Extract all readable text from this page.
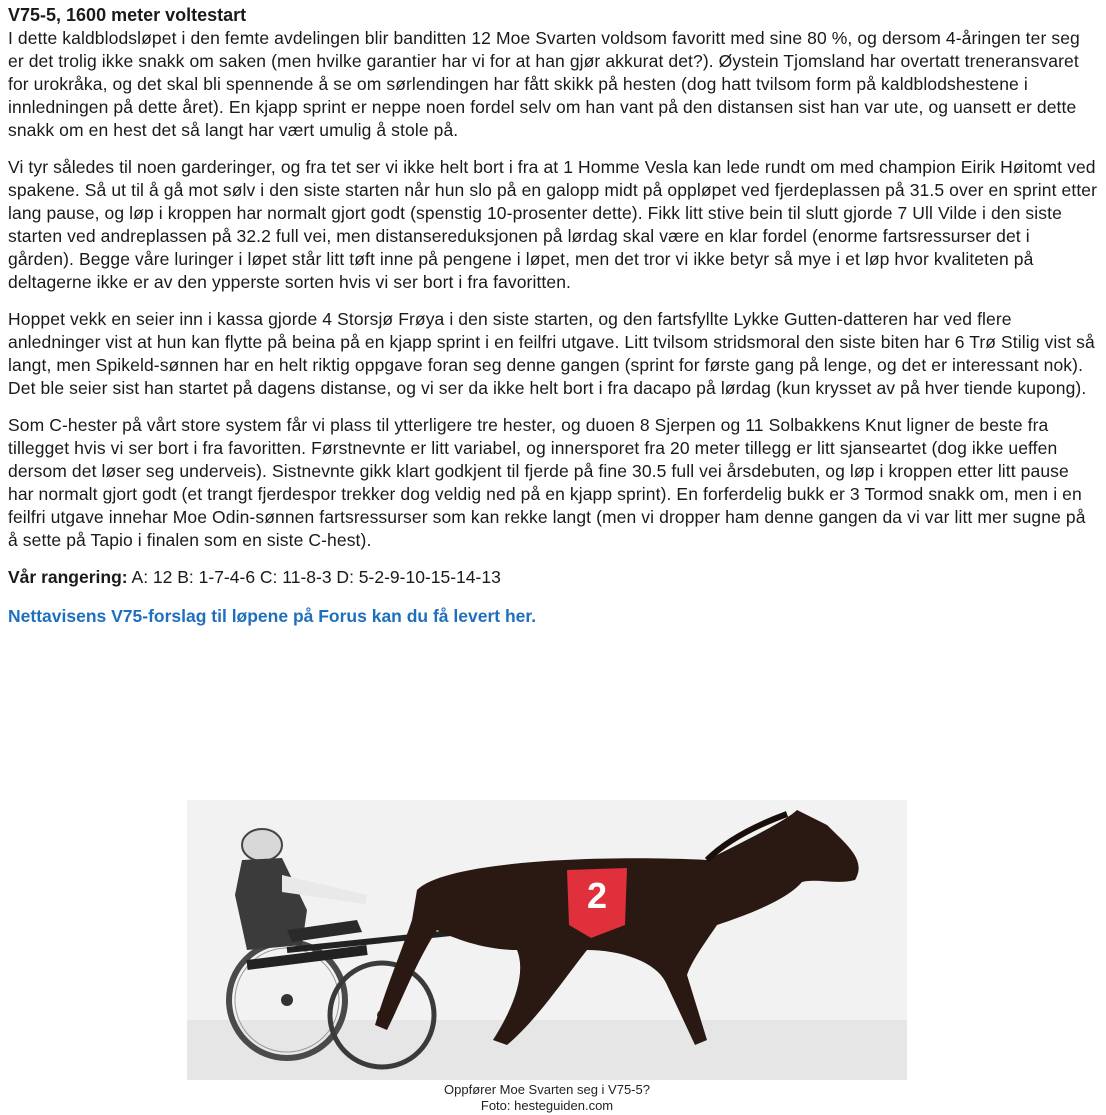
V75-5, 1600 meter voltestart

I dette kaldblodsløpet i den femte avdelingen blir banditten 12 Moe Svarten voldsom favoritt med sine 80 %, og dersom 4-åringen ter seg er det trolig ikke snakk om saken (men hvilke garantier har vi for at han gjør akkurat det?). Øystein Tjomsland har overtatt treneransvaret for urokråka, og det skal bli spennende å se om sørlendingen har fått skikk på hesten (dog hatt tvilsom form på kaldblodshestene i innledningen på dette året). En kjapp sprint er neppe noen fordel selv om han vant på den distansen sist han var ute, og uansett er dette snakk om en hest det så langt har vært umulig å stole på.

Vi tyr således til noen garderinger, og fra tet ser vi ikke helt bort i fra at 1 Homme Vesla kan lede rundt om med champion Eirik Høitomt ved spakene. Så ut til å gå mot sølv i den siste starten når hun slo på en galopp midt på oppløpet ved fjerdeplassen på 31.5 over en sprint etter lang pause, og løp i kroppen har normalt gjort godt (spenstig 10-prosenter dette). Fikk litt stive bein til slutt gjorde 7 Ull Vilde i den siste starten ved andreplassen på 32.2 full vei, men distansereduksjonen på lørdag skal være en klar fordel (enorme fartsressurser det i gården). Begge våre luringer i løpet står litt tøft inne på pengene i løpet, men det tror vi ikke betyr så mye i et løp hvor kvaliteten på deltagerne ikke er av den ypperste sorten hvis vi ser bort i fra favoritten.

Hoppet vekk en seier inn i kassa gjorde 4 Storsjø Frøya i den siste starten, og den fartsfyllte Lykke Gutten-datteren har ved flere anledninger vist at hun kan flytte på beina på en kjapp sprint i en feilfri utgave. Litt tvilsom stridsmoral den siste biten har 6 Trø Stilig vist så langt, men Spikeld-sønnen har en helt riktig oppgave foran seg denne gangen (sprint for første gang på lenge, og det er interessant nok). Det ble seier sist han startet på dagens distanse, og vi ser da ikke helt bort i fra dacapo på lørdag (kun krysset av på hver tiende kupong).

Som C-hester på vårt store system får vi plass til ytterligere tre hester, og duoen 8 Sjerpen og 11 Solbakkens Knut ligner de beste fra tillegget hvis vi ser bort i fra favoritten. Førstnevnte er litt variabel, og innersporet fra 20 meter tillegg er litt sjanseartet (dog ikke ueffen dersom det løser seg underveis). Sistnevnte gikk klart godkjent til fjerde på fine 30.5 full vei årsdebuten, og løp i kroppen etter litt pause har normalt gjort godt (et trangt fjerdespor trekker dog veldig ned på en kjapp sprint). En forferdelig bukk er 3 Tormod snakk om, men i en feilfri utgave innehar Moe Odin-sønnen fartsressurser som kan rekke langt (men vi dropper ham denne gangen da vi var litt mer sugne på å sette på Tapio i finalen som en siste C-hest).

Vår rangering: A: 12 B: 1-7-4-6 C: 11-8-3 D: 5-2-9-10-15-14-13

Nettavisens V75-forslag til løpene på Forus kan du få levert her.
2
Oppfører Moe Svarten seg i V75-5?
Foto: hesteguiden.com
